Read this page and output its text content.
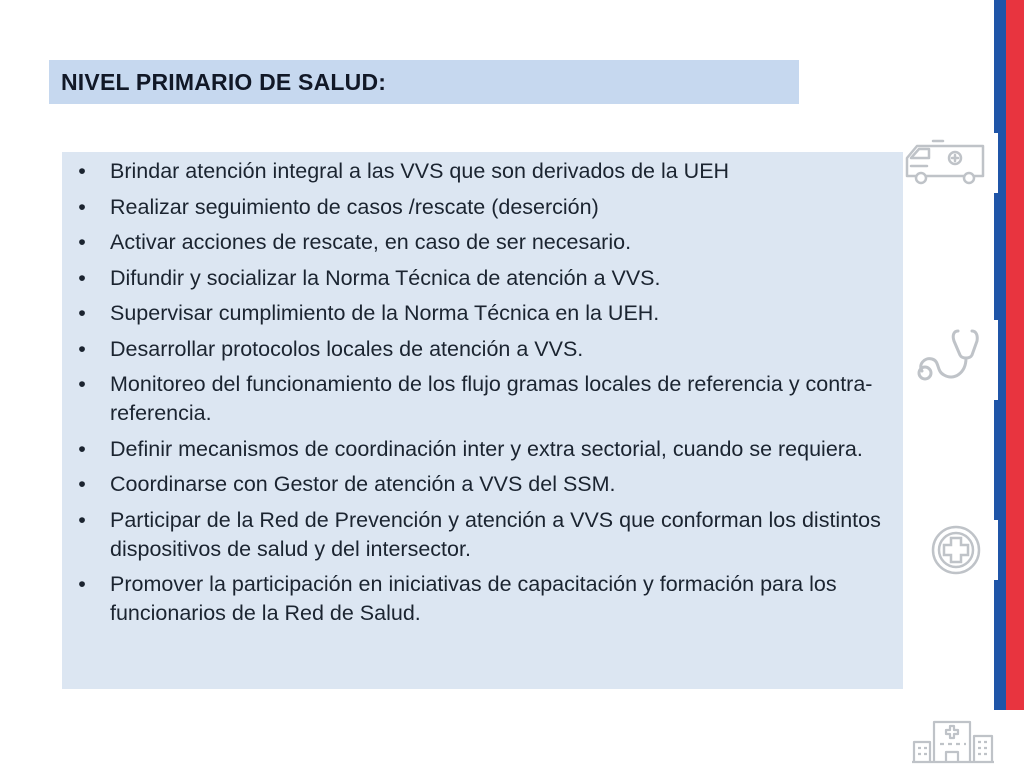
NIVEL PRIMARIO DE SALUD:
• Brindar atención integral a las VVS que son derivados de la UEH
• Realizar seguimiento de casos /rescate (deserción)
• Activar acciones de rescate, en caso de ser necesario.
• Difundir y socializar la Norma Técnica de atención a VVS.
• Supervisar cumplimiento de la Norma Técnica en la UEH.
• Desarrollar protocolos locales de atención a VVS.
• Monitoreo del funcionamiento de los flujo gramas locales de referencia y contra-referencia.
• Definir mecanismos de coordinación inter y extra sectorial, cuando se requiera.
• Coordinarse con Gestor de atención a VVS del SSM.
• Participar de la Red de Prevención y atención a VVS que conforman los distintos dispositivos de salud y del intersector.
• Promover la participación en iniciativas de capacitación y formación para los funcionarios de la Red de Salud.
